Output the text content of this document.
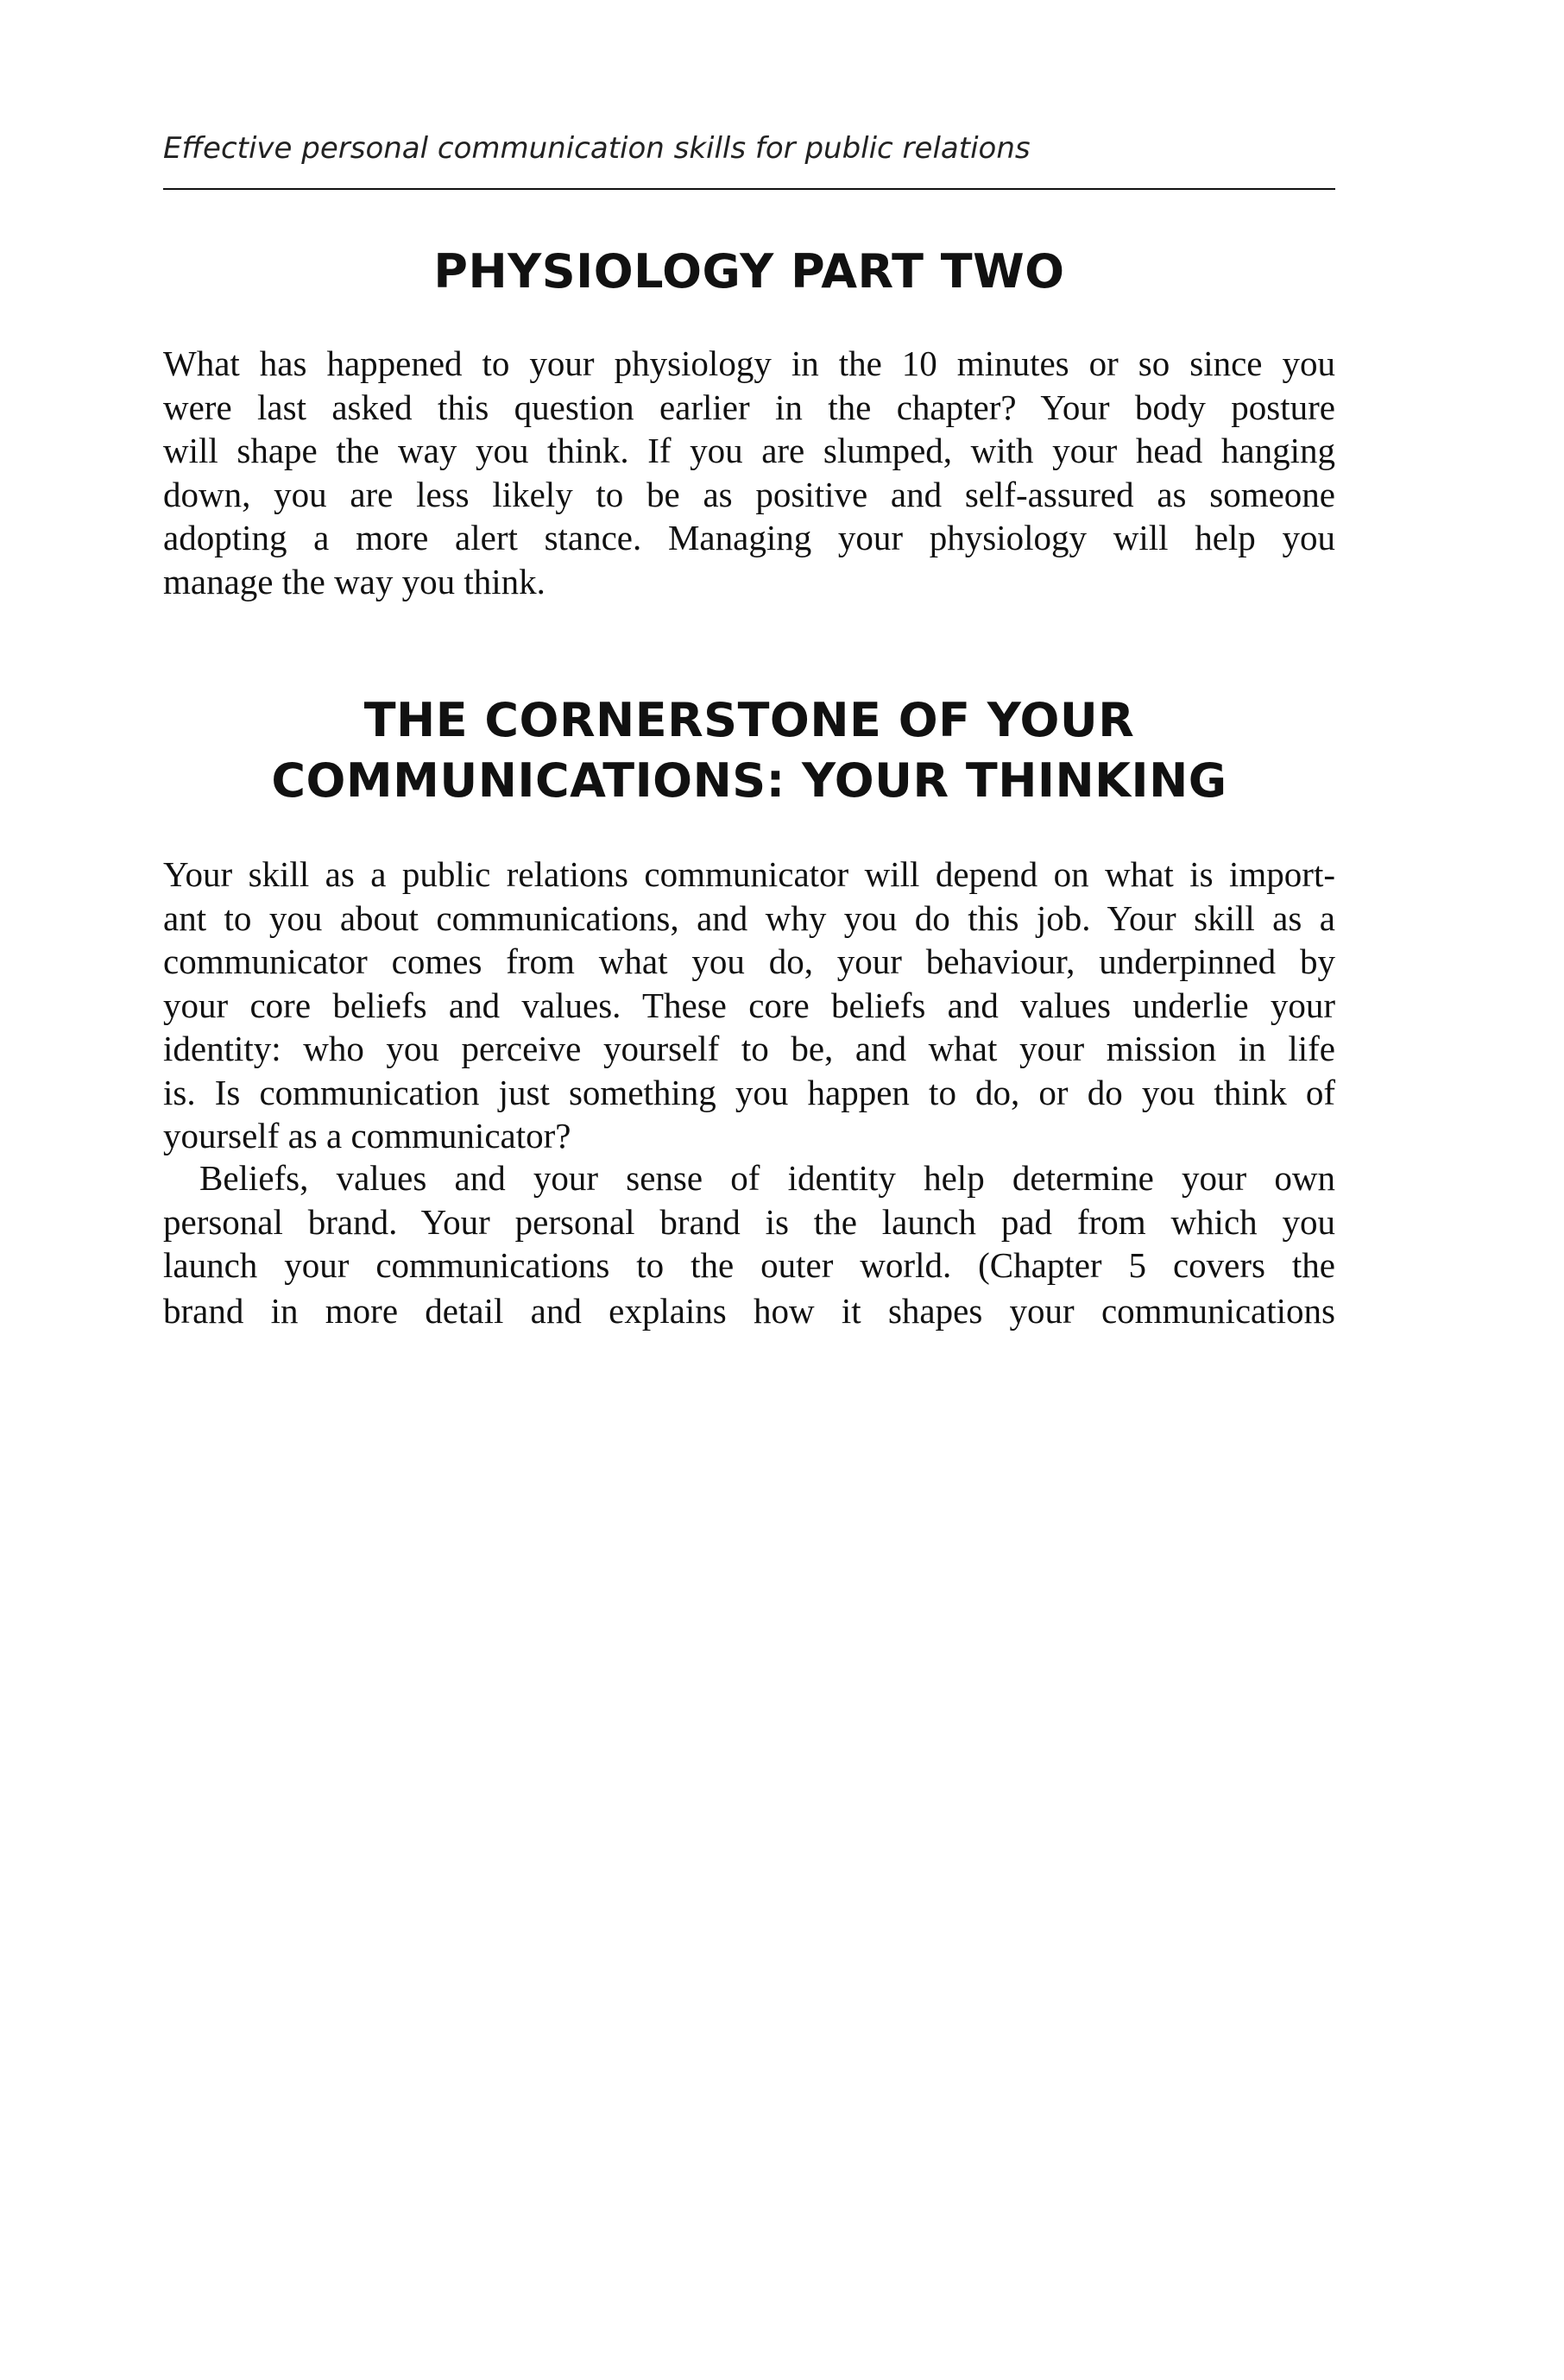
Effective personal communication skills for public relations
PHYSIOLOGY PART TWO
What has happened to your physiology in the 10 minutes or so since you
were last asked this question earlier in the chapter? Your body posture
will shape the way you think. If you are slumped, with your head hanging
down, you are less likely to be as positive and self-assured as someone
adopting a more alert stance. Managing your physiology will help you
manage the way you think.
THE CORNERSTONE OF YOUR
COMMUNICATIONS: YOUR THINKING
Your skill as a public relations communicator will depend on what is import-
ant to you about communications, and why you do this job. Your skill as a
communicator comes from what you do, your behaviour, underpinned by
your core beliefs and values. These core beliefs and values underlie your
identity: who you perceive yourself to be, and what your mission in life
is. Is communication just something you happen to do, or do you think of
yourself as a communicator?
Beliefs, values and your sense of identity help determine your own
personal brand. Your personal brand is the launch pad from which you
launch your communications to the outer world. (Chapter 5 covers the
brand in more detail and explains how it shapes your communications
